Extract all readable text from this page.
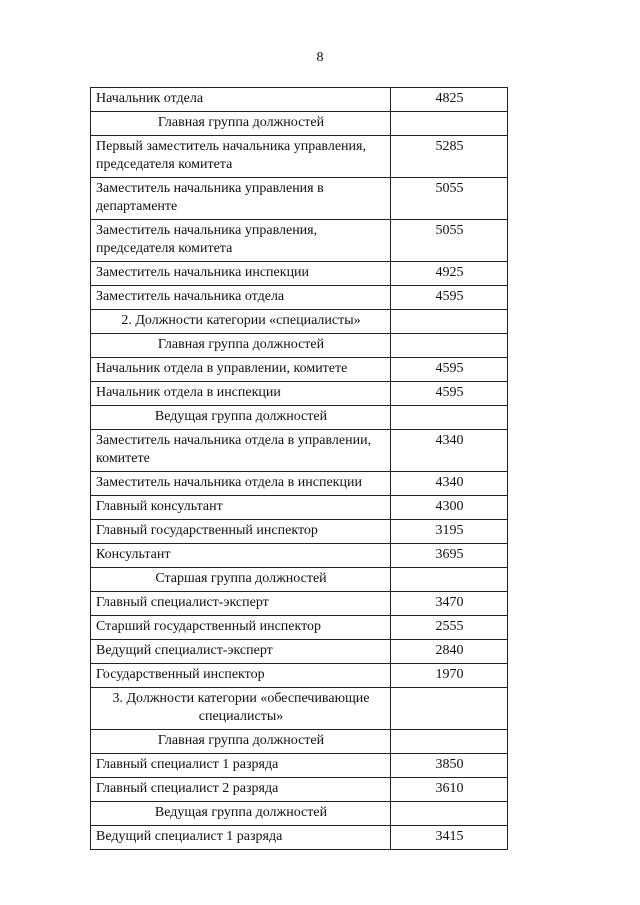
8
Начальник отдела	4825
Главная группа должностей	
Первый заместитель начальника управления, председателя комитета	5285
Заместитель начальника управления в департаменте	5055
Заместитель начальника управления, председателя комитета	5055
Заместитель начальника инспекции	4925
Заместитель начальника отдела	4595
2. Должности категории «специалисты»	
Главная группа должностей	
Начальник отдела в управлении, комитете	4595
Начальник отдела в инспекции	4595
Ведущая группа должностей	
Заместитель начальника отдела в управлении, комитете	4340
Заместитель начальника отдела в инспекции	4340
Главный консультант	4300
Главный государственный инспектор	3195
Консультант	3695
Старшая группа должностей	
Главный специалист-эксперт	3470
Старший государственный инспектор	2555
Ведущий специалист-эксперт	2840
Государственный инспектор	1970
3. Должности категории «обеспечивающие специалисты»	
Главная группа должностей	
Главный специалист 1 разряда	3850
Главный специалист 2 разряда	3610
Ведущая группа должностей	
Ведущий специалист 1 разряда	3415
